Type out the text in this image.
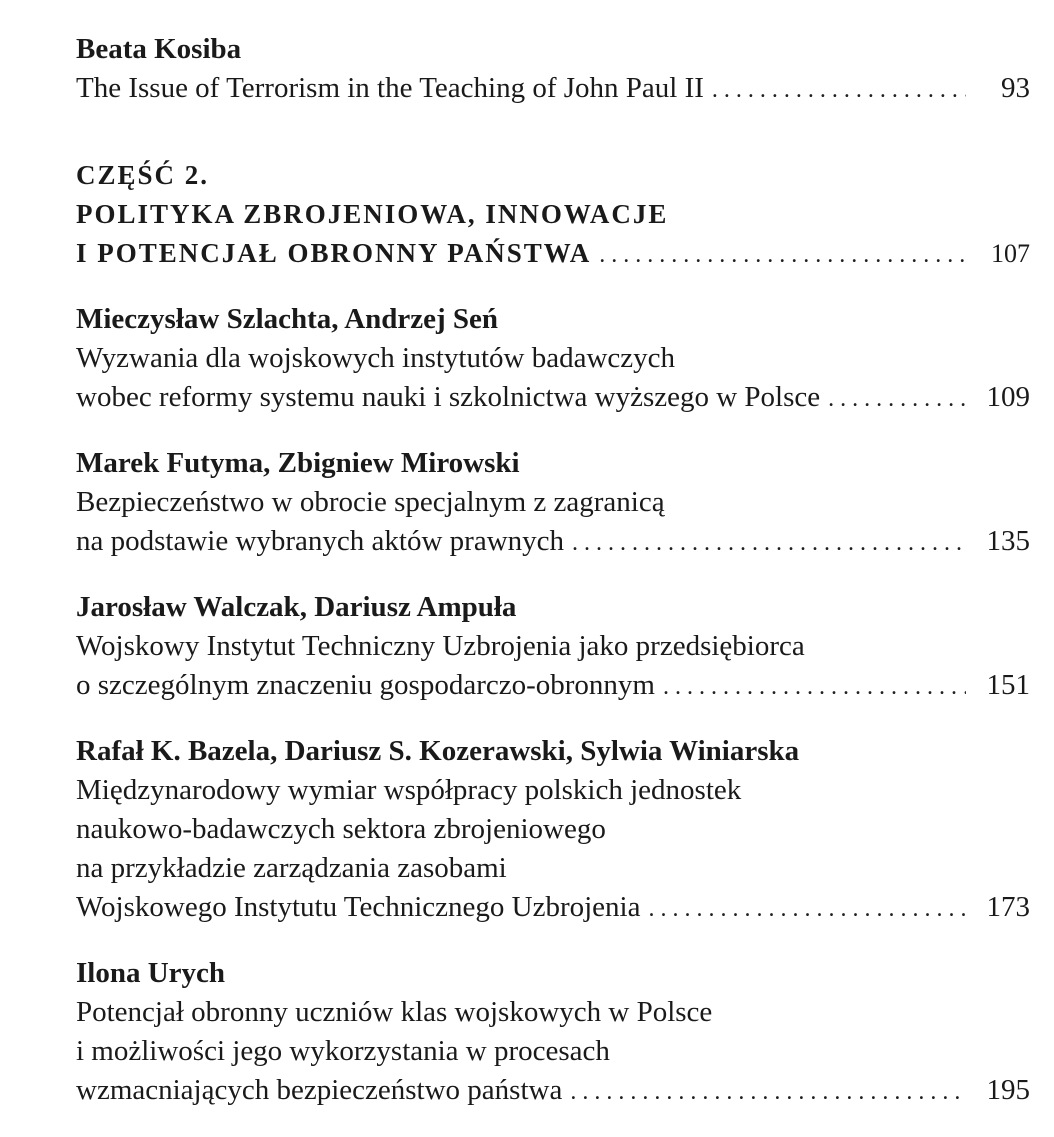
Beata Kosiba
The Issue of Terrorism in the Teaching of John Paul II . . .	93
CZĘŚĆ 2.
POLITYKA ZBROJENIOWA, INNOWACJE
I POTENCJAŁ OBRONNY PAŃSTWA . . .	107
Mieczysław Szlachta, Andrzej Seń
Wyzwania dla wojskowych instytutów badawczych
wobec reformy systemu nauki i szkolnictwa wyższego w Polsce . . .	109
Marek Futyma, Zbigniew Mirowski
Bezpieczeństwo w obrocie specjalnym z zagranicą
na podstawie wybranych aktów prawnych . . .	135
Jarosław Walczak, Dariusz Ampuła
Wojskowy Instytut Techniczny Uzbrojenia jako przedsiębiorca
o szczególnym znaczeniu gospodarczo-obronnym . . .	151
Rafał K. Bazela, Dariusz S. Kozerawski, Sylwia Winiarska
Międzynarodowy wymiar współpracy polskich jednostek
naukowo-badawczych sektora zbrojeniowego
na przykładzie zarządzania zasobami
Wojskowego Instytutu Technicznego Uzbrojenia . . .	173
Ilona Urych
Potencjał obronny uczniów klas wojskowych w Polsce
i możliwości jego wykorzystania w procesach
wzmacniających bezpieczeństwo państwa . . .	195
